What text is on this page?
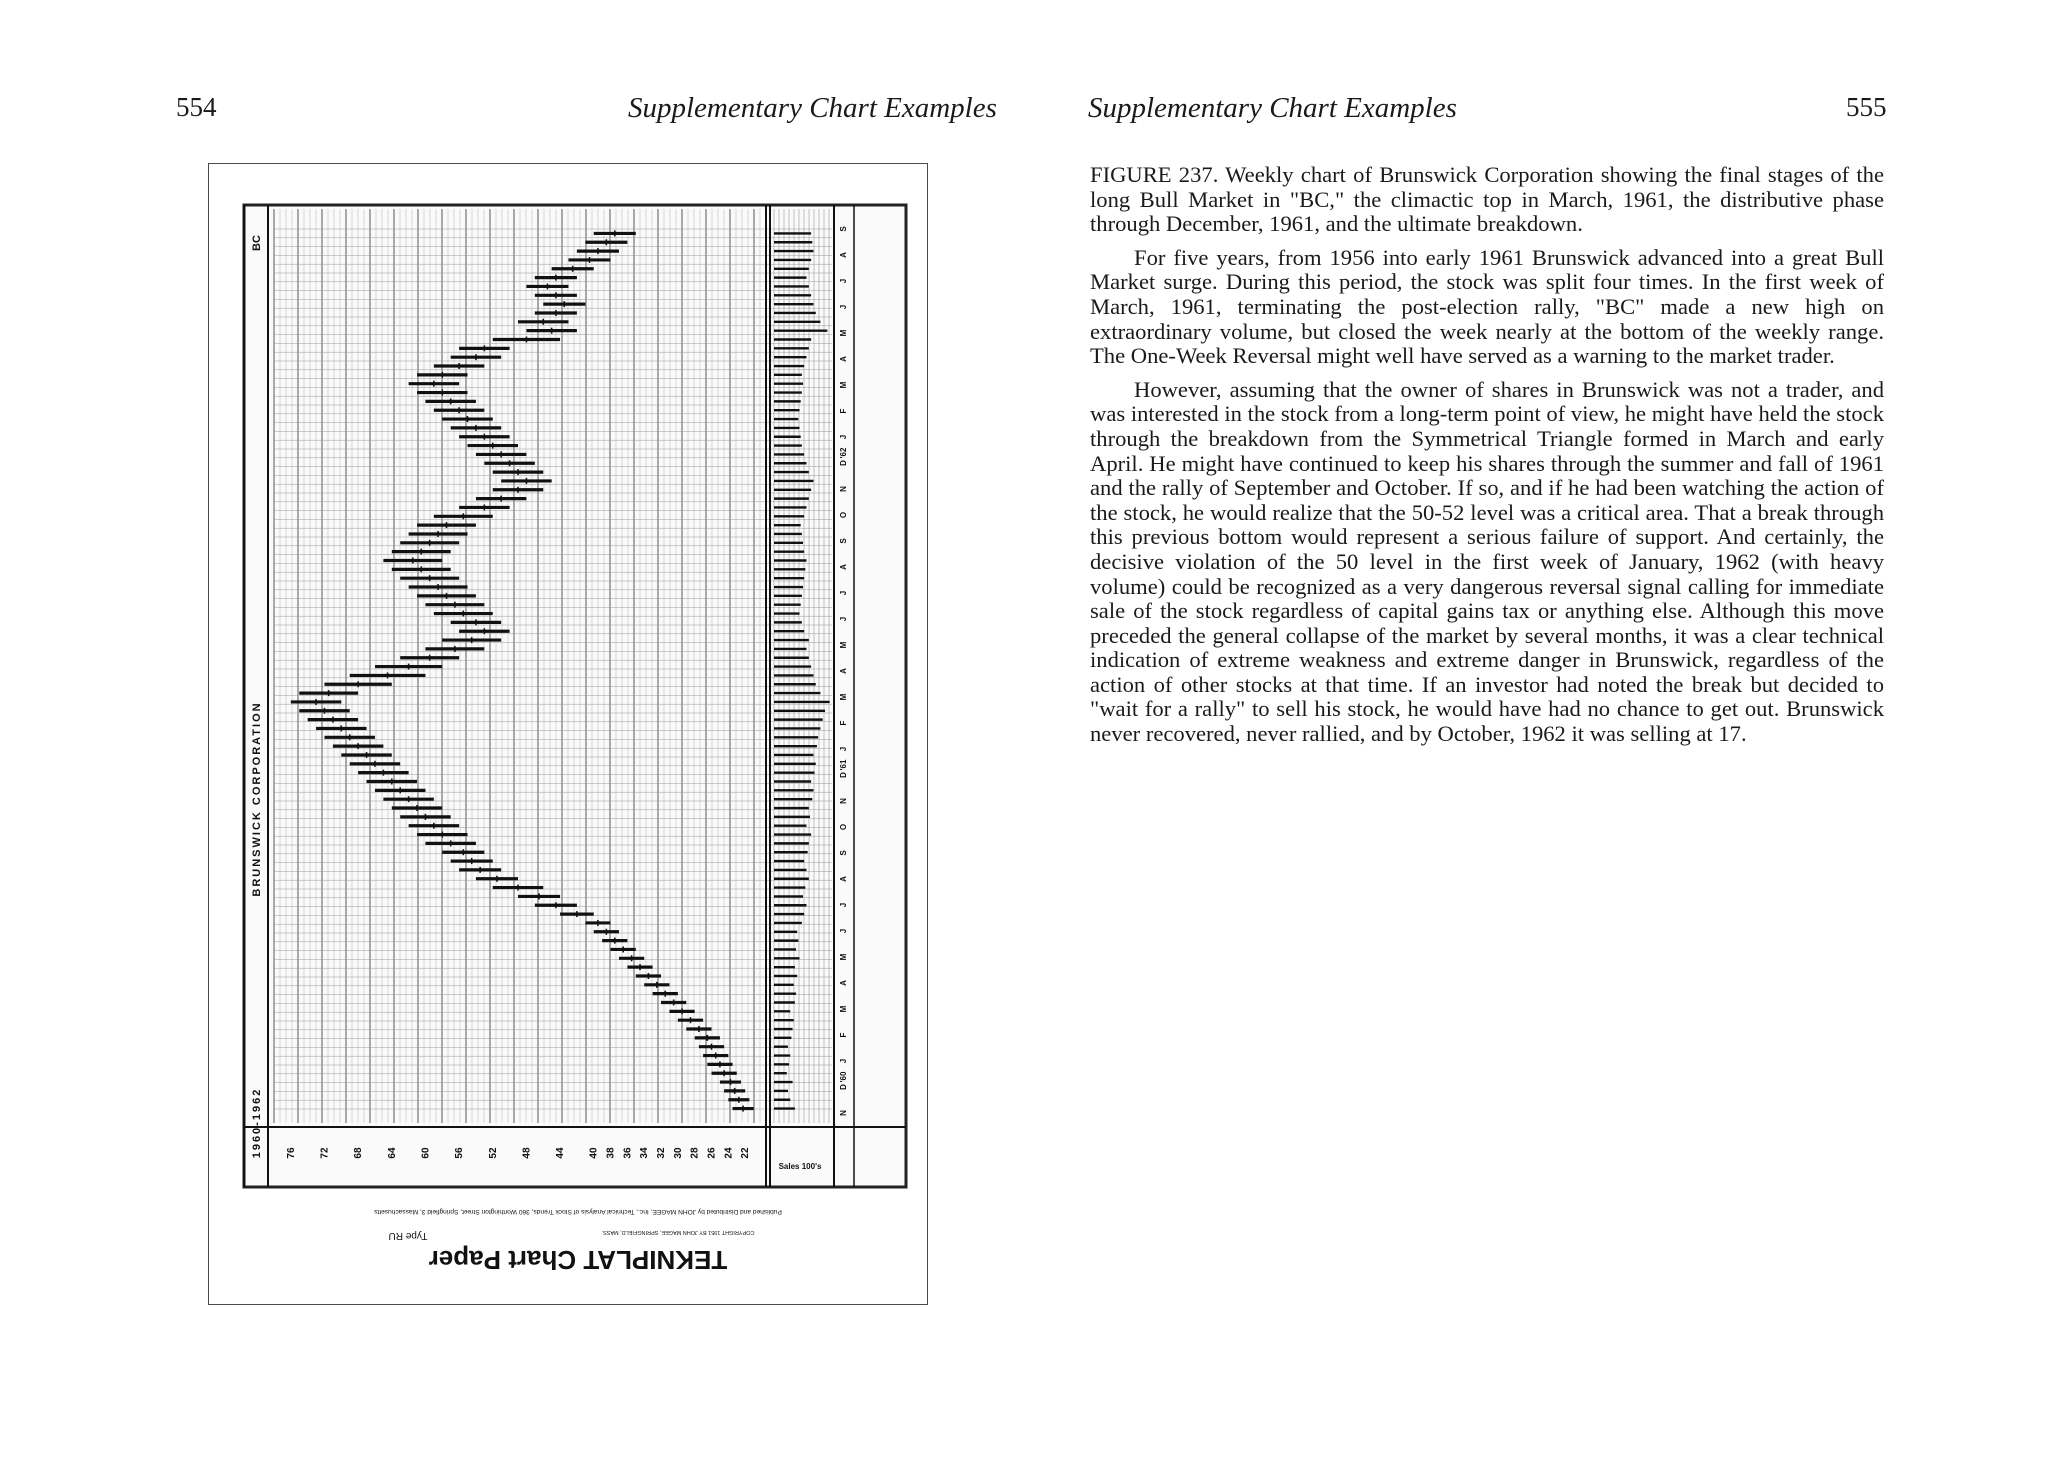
554	Supplementary Chart Examples	Supplementary Chart Examples	555
76 72 68 64 60 56 52 48 44 40 38 36 34 32 30 28 26 24 22
N
D
J
F
M
A
M
J
J
A
S
O
N
D
J
F
M
A
M
J
J
A
S
O
N
D
J
F
M
A
M
J
J
A
S
'60
'61
'62
BRUNSWICK CORPORATION
BC
1960-1962
Sales 100's
TEKNIPLAT Chart Paper
Type RU	COPYRIGHT 1951 BY JOHN MAGEE, SPRINGFIELD, MASS.
Published and Distributed by JOHN MAGEE, Inc., Technical Analysis of Stock Trends, 360 Worthington Street, Springfield 3, Massachusetts

FIGURE 237. Weekly chart of Brunswick Corporation showing the final stages of the long Bull Market in "BC," the climactic top in March, 1961, the distributive phase through December, 1961, and the ultimate breakdown.

For five years, from 1956 into early 1961 Brunswick advanced into a great Bull Market surge. During this period, the stock was split four times. In the first week of March, 1961, terminating the post-election rally, "BC" made a new high on extraordinary volume, but closed the week nearly at the bottom of the weekly range. The One-Week Reversal might well have served as a warning to the market trader.

However, assuming that the owner of shares in Brunswick was not a trader, and was interested in the stock from a long-term point of view, he might have held the stock through the breakdown from the Symmetrical Triangle formed in March and early April. He might have continued to keep his shares through the summer and fall of 1961 and the rally of September and October. If so, and if he had been watching the action of the stock, he would realize that the 50-52 level was a critical area. That a break through this previous bottom would represent a serious failure of support. And certainly, the decisive violation of the 50 level in the first week of January, 1962 (with heavy volume) could be recognized as a very dangerous reversal signal calling for immediate sale of the stock regardless of capital gains tax or anything else. Although this move preceded the general collapse of the market by several months, it was a clear technical indication of extreme weakness and extreme danger in Brunswick, regardless of the action of other stocks at that time. If an investor had noted the break but decided to "wait for a rally" to sell his stock, he would have had no chance to get out. Brunswick never recovered, never rallied, and by October, 1962 it was selling at 17.
